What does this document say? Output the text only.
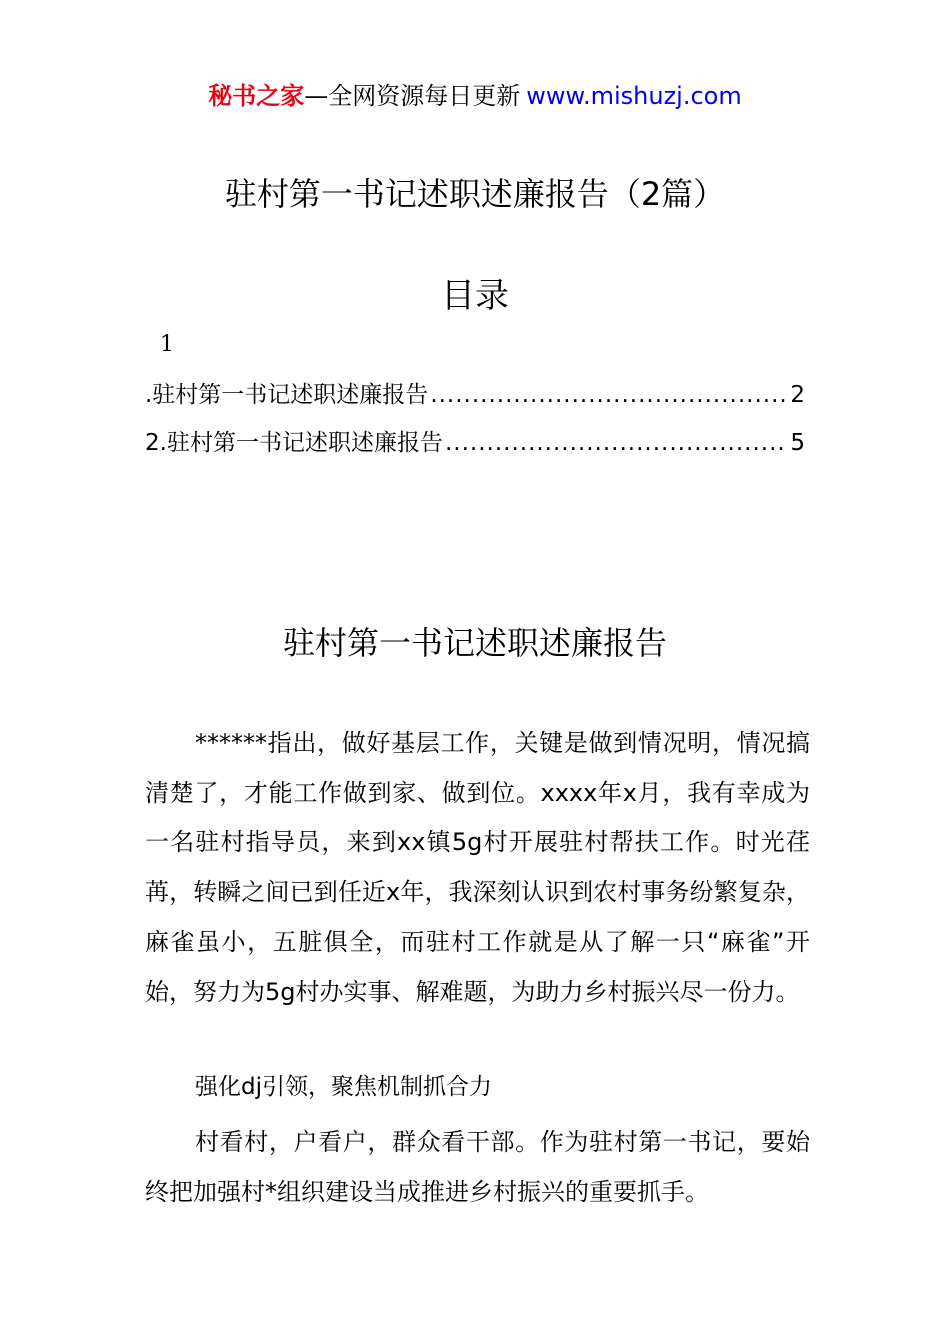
秘书之家—全网资源每日更新 www.mishuzj.com
驻村第一书记述职述廉报告（2篇）
目录
1
.驻村第一书记述职述廉报告 .....	2
2.驻村第一书记述职述廉报告 .....	5
驻村第一书记述职述廉报告
******指出，做好基层工作，关键是做到情况明，情况搞清楚了，才能工作做到家、做到位。xxxx年x月，我有幸成为一名驻村指导员，来到xx镇5g村开展驻村帮扶工作。时光荏苒，转瞬之间已到任近x年，我深刻认识到农村事务纷繁复杂，麻雀虽小，五脏俱全，而驻村工作就是从了解一只“麻雀”开始，努力为5g村办实事、解难题，为助力乡村振兴尽一份力。
强化dj引领，聚焦机制抓合力
村看村，户看户，群众看干部。作为驻村第一书记，要始终把加强村*组织建设当成推进乡村振兴的重要抓手。
